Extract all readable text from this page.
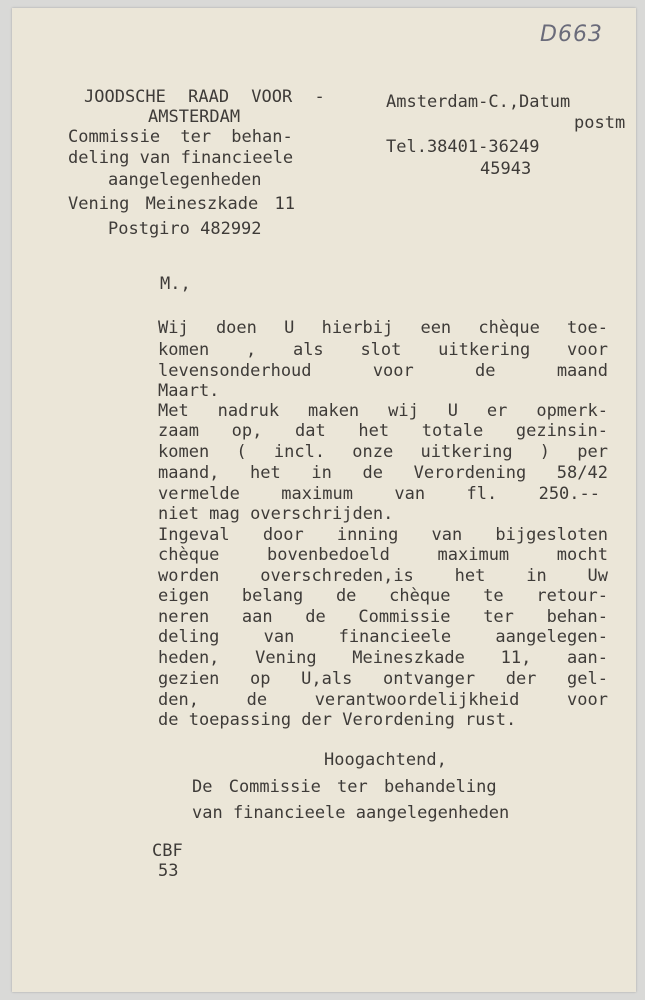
D663
JOODSCHE RAAD VOOR -
AMSTERDAM
Commissie ter behan-
deling van financieele
aangelegenheden
Vening Meineszkade 11
Postgiro 482992
Amsterdam-C.,Datum
postm
Tel.38401-36249
45943
M.,
Wij doen U hierbij een chèque toe-
komen , als slot uitkering voor
levensonderhoud voor de maand
Maart.
Met nadruk maken wij U er opmerk-
zaam op, dat het totale gezinsin-
komen ( incl. onze uitkering ) per
maand, het in de Verordening 58/42
vermelde maximum van fl. 250.--
niet mag overschrijden.
Ingeval door inning van bijgesloten
chèque bovenbedoeld maximum mocht
worden overschreden,is het in Uw
eigen belang de chèque te retour-
neren aan de Commissie ter behan-
deling van financieele aangelegen-
heden, Vening Meineszkade 11, aan-
gezien op U,als ontvanger der gel-
den, de verantwoordelijkheid voor
de toepassing der Verordening rust.
Hoogachtend,
De Commissie ter behandeling
van financieele aangelegenheden
CBF
53
